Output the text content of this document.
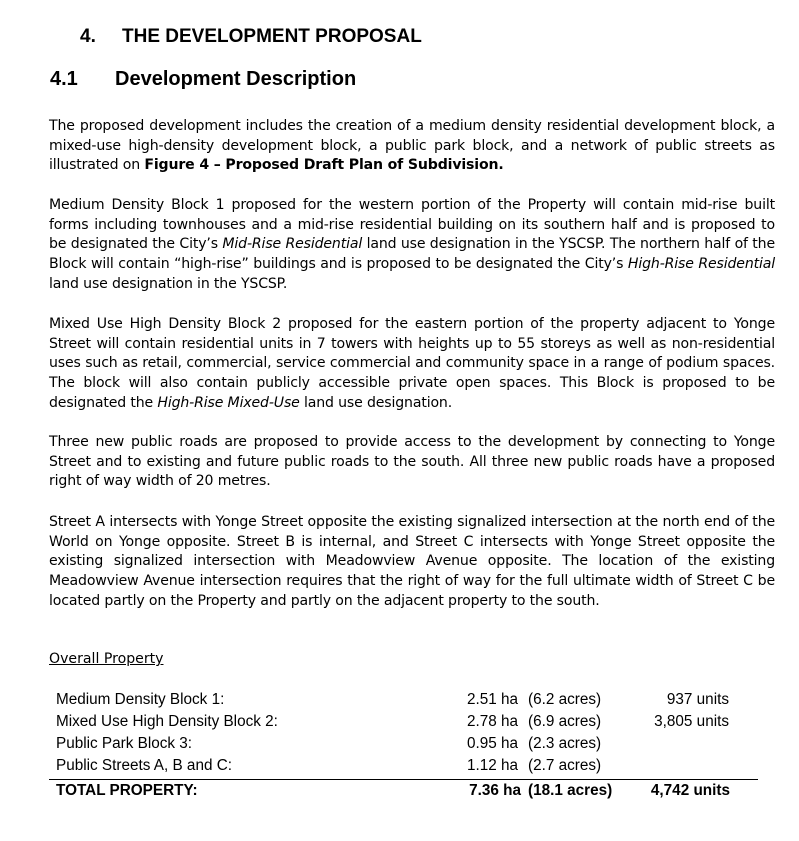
4. THE DEVELOPMENT PROPOSAL
4.1 Development Description

The proposed development includes the creation of a medium density residential development block, a mixed-use high-density development block, a public park block, and a network of public streets as illustrated on Figure 4 – Proposed Draft Plan of Subdivision.

Medium Density Block 1 proposed for the western portion of the Property will contain mid-rise built forms including townhouses and a mid-rise residential building on its southern half and is proposed to be designated the City’s Mid-Rise Residential land use designation in the YSCSP. The northern half of the Block will contain “high-rise” buildings and is proposed to be designated the City’s High-Rise Residential land use designation in the YSCSP.

Mixed Use High Density Block 2 proposed for the eastern portion of the property adjacent to Yonge Street will contain residential units in 7 towers with heights up to 55 storeys as well as non-residential uses such as retail, commercial, service commercial and community space in a range of podium spaces. The block will also contain publicly accessible private open spaces. This Block is proposed to be designated the High-Rise Mixed-Use land use designation.

Three new public roads are proposed to provide access to the development by connecting to Yonge Street and to existing and future public roads to the south. All three new public roads have a proposed right of way width of 20 metres.

Street A intersects with Yonge Street opposite the existing signalized intersection at the north end of the World on Yonge opposite. Street B is internal, and Street C intersects with Yonge Street opposite the existing signalized intersection with Meadowview Avenue opposite. The location of the existing Meadowview Avenue intersection requires that the right of way for the full ultimate width of Street C be located partly on the Property and partly on the adjacent property to the south.

Overall Property

Medium Density Block 1:	2.51 ha (6.2 acres)	937 units
Mixed Use High Density Block 2:	2.78 ha (6.9 acres)	3,805 units
Public Park Block 3:	0.95 ha (2.3 acres)
Public Streets A, B and C:	1.12 ha (2.7 acres)
TOTAL PROPERTY:	7.36 ha (18.1 acres)	4,742 units
